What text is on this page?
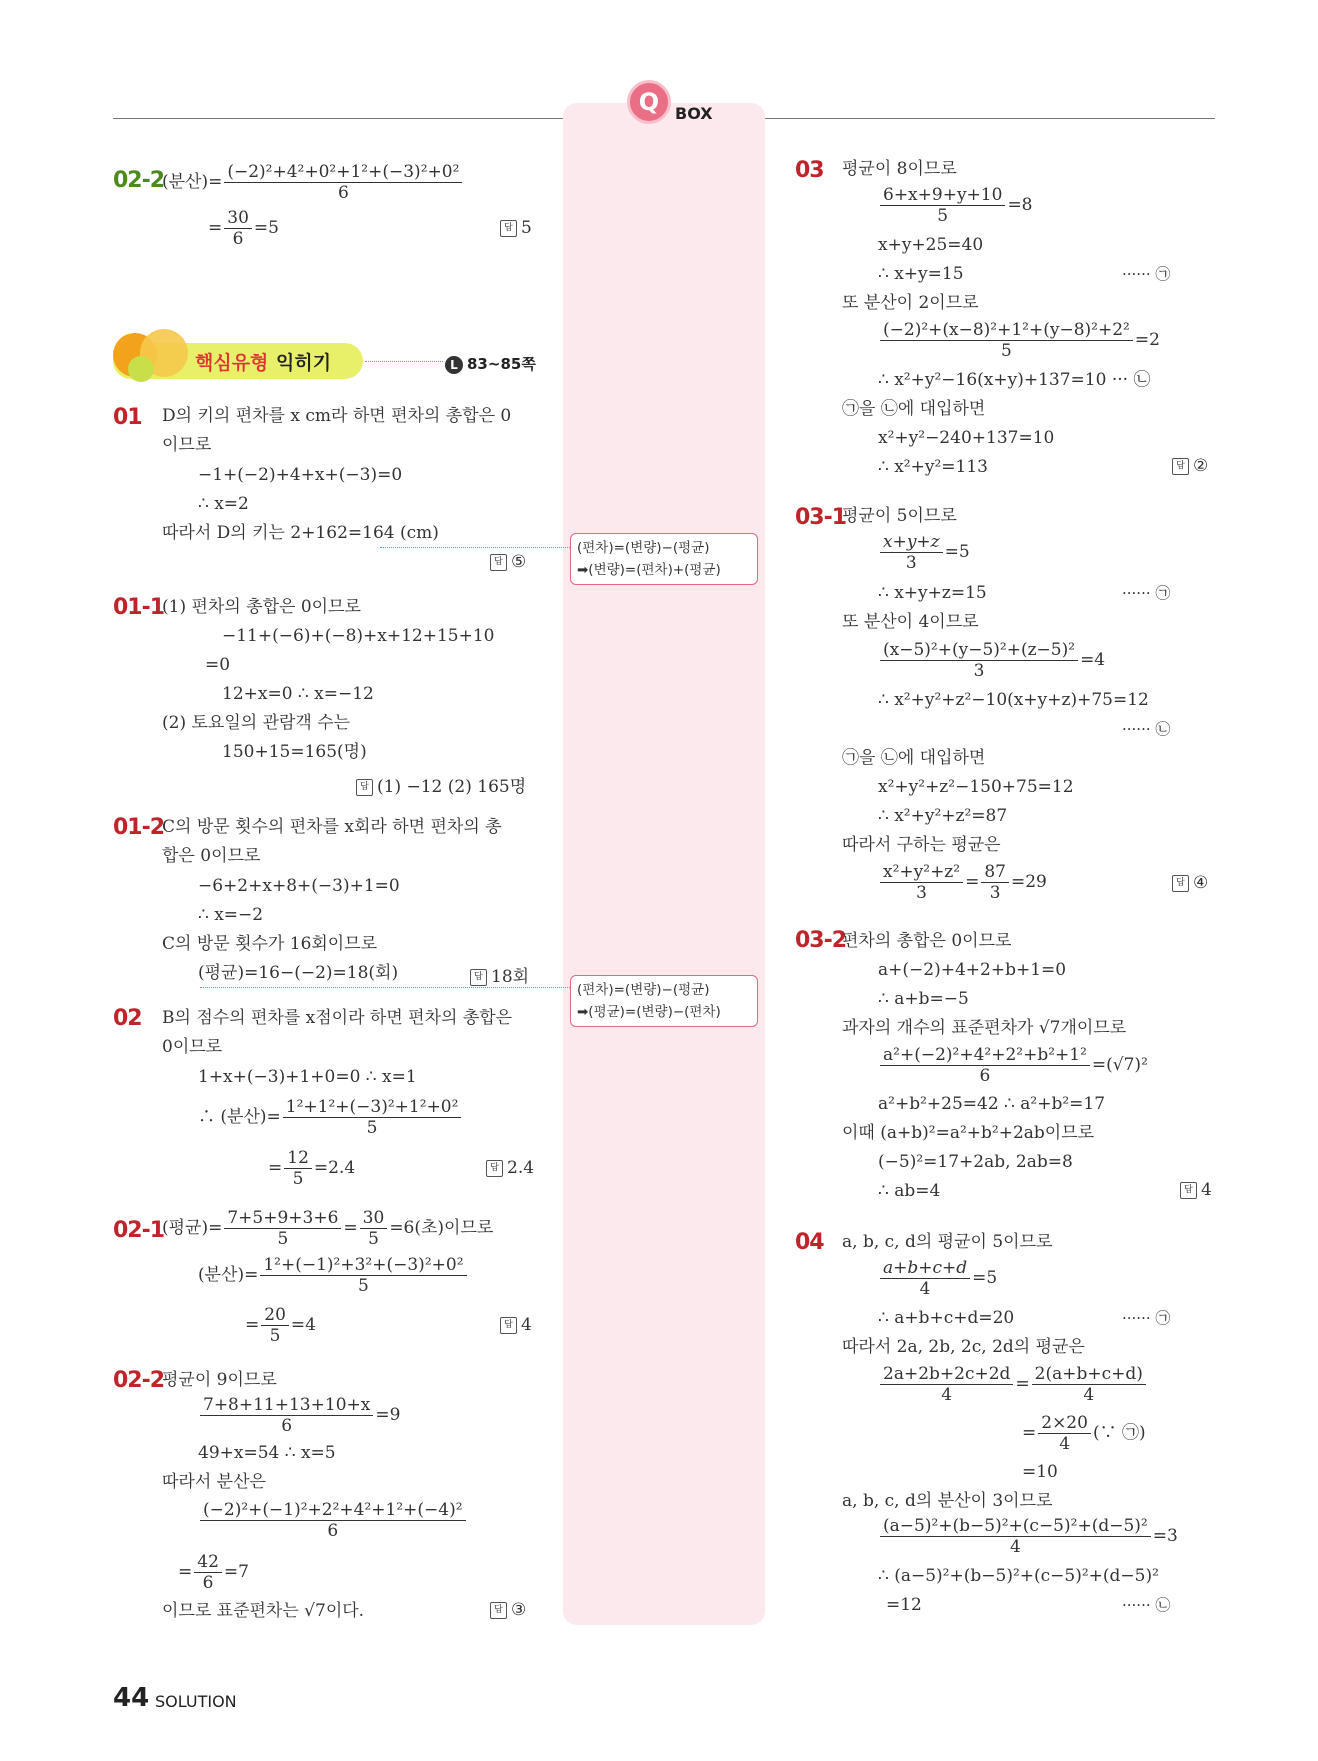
Q BOX
02-2
(분산)= $\frac{\text{(−2)²+4²+0²+1²+(−3)²+0²}}{6}$
= $\frac{30}{6} =5$	답 5
핵심유형 익히기	L 83~85쪽
01 D의 키의 편차를 x cm라 하면 편차의 총합은 0
이므로
−1+(−2)+4+x+(−3)=0
∴ x=2
따라서 D의 키는 2+162=164 (cm)
답 ⑤
(편차)=(변량)−(평균)
➡(변량)=(편차)+(평균)
01-1
(1) 편차의 총합은 0이므로
−11+(−6)+(−8)+x+12+15+10
=0
12+x=0 ∴ x=−12
(2) 토요일의 관람객 수는
150+15=165(명)
답 (1) −12 (2) 165명
01-2
C의 방문 횟수의 편차를 x회라 하면 편차의 총
합은 0이므로
−6+2+x+8+(−3)+1=0
∴ x=−2
C의 방문 횟수가 16회이므로
(평균)=16−(−2)=18(회)	답 18회
(편차)=(변량)−(평균)
➡(평균)=(변량)−(편차)
02 B의 점수의 편차를 x점이라 하면 편차의 총합은
0이므로
1+x+(−3)+1+0=0 ∴ x=1
∴ (분산)= $\frac{\text{1²+1²+(−3)²+1²+0²}}{5}$
= $\frac{12}{5} =2.4$	답 2.4
02-1
(평균)= $\frac{7+5+9+3+6}{5} = \frac{30}{5} =6$(초)이므로
(분산)= $\frac{\text{1²+(−1)²+3²+(−3)²+0²}}{5}$
= $\frac{20}{5} =4$	답 4
02-2
평균이 9이므로
$\frac{7+8+11+13+10+x}{6} =9$
49+x=54 ∴ x=5
따라서 분산은
$\frac{\text{(−2)²+(−1)²+2²+4²+1²+(−4)²}}{6}$
= $\frac{42}{6} =7$
이므로 표준편차는 √7이다.	답 ③
03 평균이 8이므로
$\frac{6+x+9+y+10}{5} =8$
x+y+25=40
∴ x+y=15	······ ㉠
또 분산이 2이므로
$\frac{\text{(−2)²+(x−8)²+1²+(y−8)²+2²}}{5} =2$
∴ x²+y²−16(x+y)+137=10 ··· ㉡
㉠을 ㉡에 대입하면
x²+y²−240+137=10
∴ x²+y²=113	답 ②
03-1
평균이 5이므로
$\frac{x+y+z}{3} =5$
∴ x+y+z=15	······ ㉠
또 분산이 4이므로
$\frac{\text{(x−5)²+(y−5)²+(z−5)²}}{3} =4$
∴ x²+y²+z²−10(x+y+z)+75=12
······ ㉡
㉠을 ㉡에 대입하면
x²+y²+z²−150+75=12
∴ x²+y²+z²=87
따라서 구하는 평균은
$\frac{\text{x²+y²+z²}}{3} = \frac{87}{3} =29$	답 ④
03-2
편차의 총합은 0이므로
a+(−2)+4+2+b+1=0
∴ a+b=−5
과자의 개수의 표준편차가 √7개이므로
$\frac{\text{a²+(−2)²+4²+2²+b²+1²}}{6} =(√7)^2$
a²+b²+25=42 ∴ a²+b²=17
이때 (a+b)²=a²+b²+2ab이므로
(−5)²=17+2ab, 2ab=8
∴ ab=4	답 4
04 a, b, c, d의 평균이 5이므로
$\frac{a+b+c+d}{4} =5$
∴ a+b+c+d=20	······ ㉠
따라서 2a, 2b, 2c, 2d의 평균은
$\frac{2a+2b+2c+2d}{4} = \frac{2(a+b+c+d)}{4}$
= $\frac{2\times 20}{4}$ (∵ ㉠)
=10
a, b, c, d의 분산이 3이므로
$\frac{\text{(a−5)²+(b−5)²+(c−5)²+(d−5)²}}{4} =3$
∴ (a−5)²+(b−5)²+(c−5)²+(d−5)²
=12	······ ㉡
44 SOLUTION
